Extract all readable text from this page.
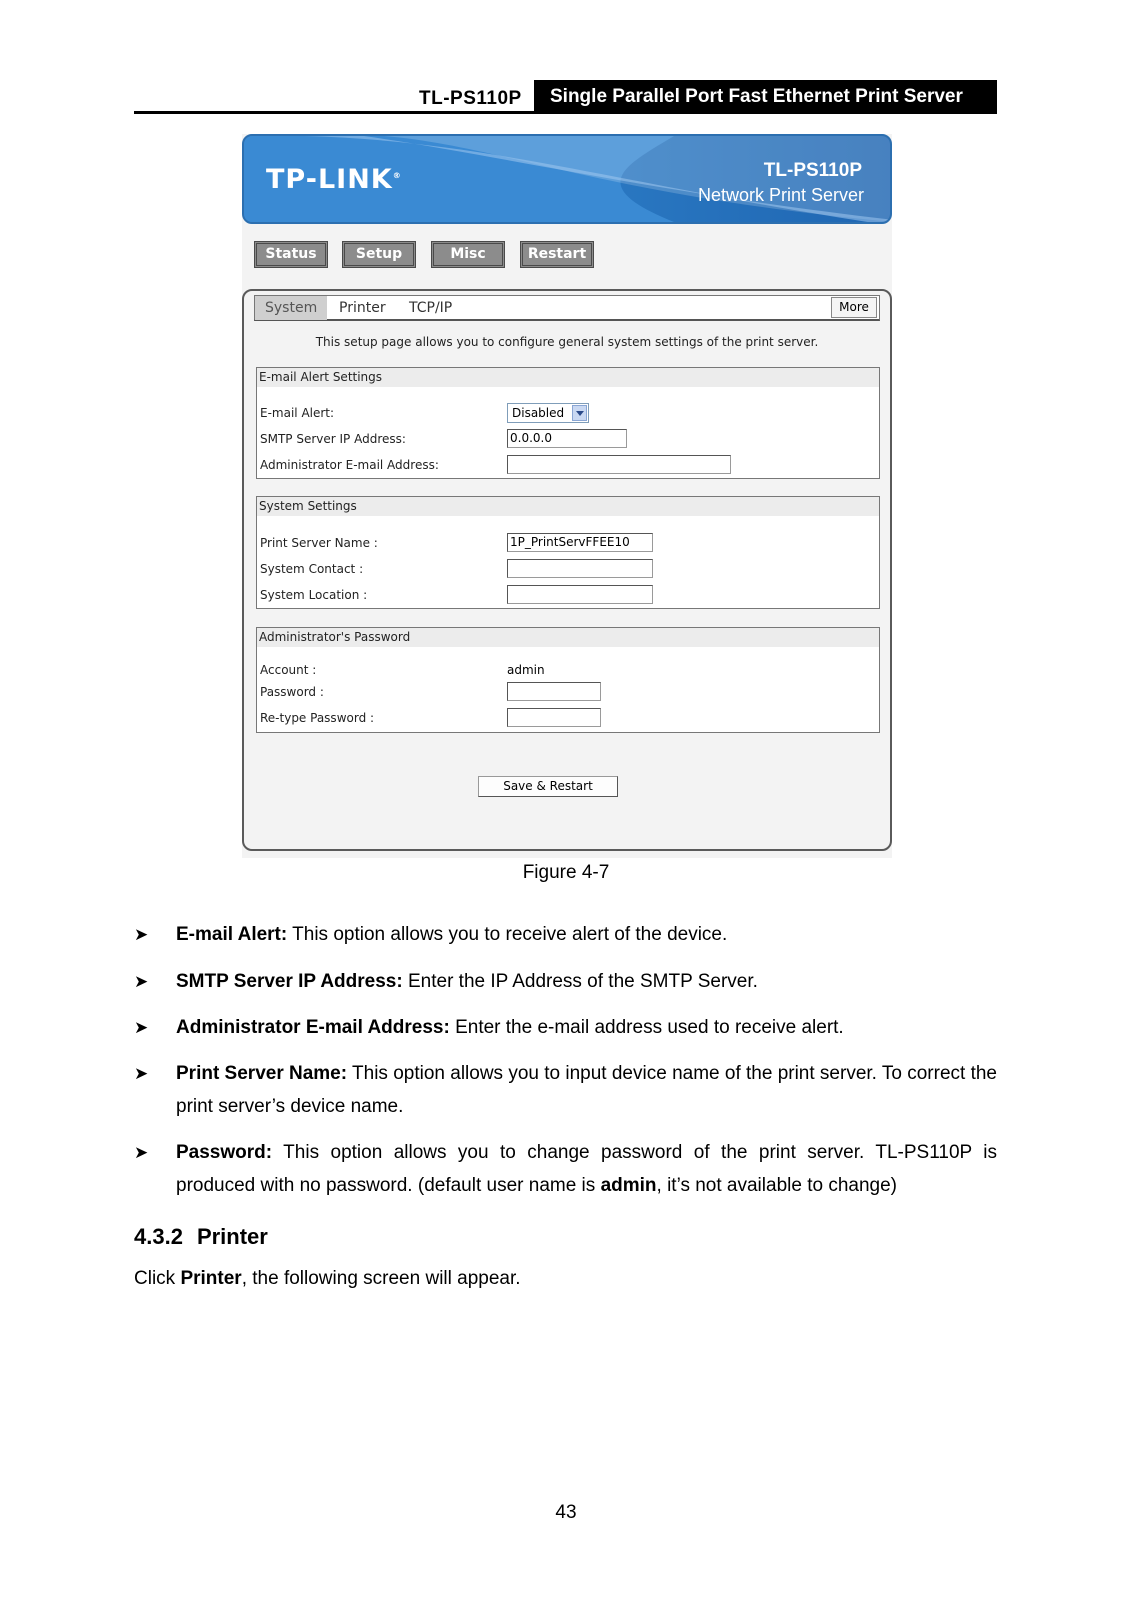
TL-PS110P	Single Parallel Port Fast Ethernet Print Server
TP-LINK®	TL-PS110P
Network Print Server
Status	Setup	Misc	Restart
System	Printer TCP/IP	More
This setup page allows you to configure general system settings of the print server.
E-mail Alert Settings
E-mail Alert:	Disabled
SMTP Server IP Address:	0.0.0.0
Administrator E-mail Address:
System Settings
Print Server Name :	1P_PrintServFFEE10
System Contact :
System Location :
Administrator's Password
Account :	admin
Password :
Re-type Password :
Save & Restart
Figure 4-7
➤ E-mail Alert: This option allows you to receive alert of the device.
➤ SMTP Server IP Address: Enter the IP Address of the SMTP Server.
➤ Administrator E-mail Address: Enter the e-mail address used to receive alert.
➤ Print Server Name: This option allows you to input device name of the print server. To correct the print server’s device name.
➤ Password: This option allows you to change password of the print server. TL-PS110P is produced with no password. (default user name is admin, it’s not available to change)
4.3.2 Printer
Click Printer, the following screen will appear.
43
